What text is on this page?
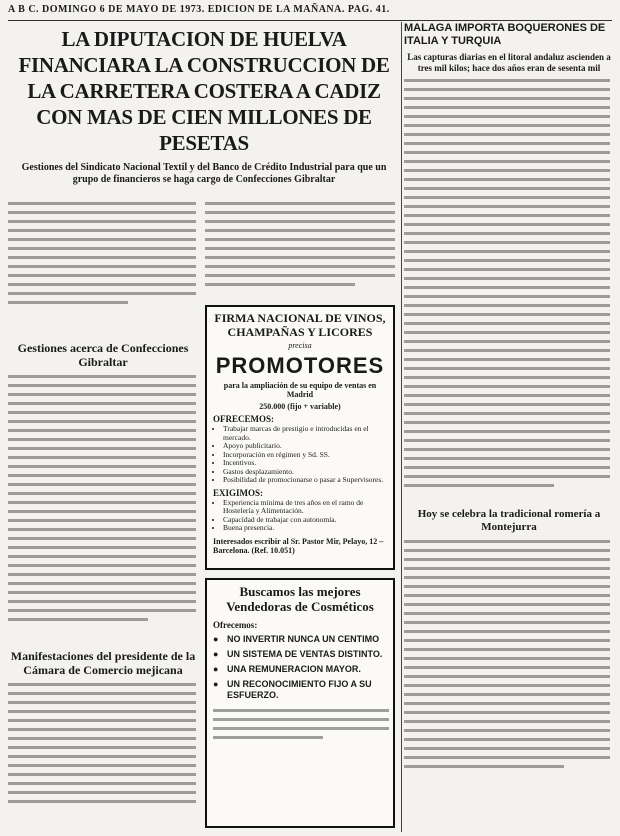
A B C. DOMINGO 6 DE MAYO DE 1973. EDICION DE LA MAÑANA. PAG. 41.
LA DIPUTACION DE HUELVA FINANCIARA LA CONSTRUCCION DE LA CARRETERA COSTERA A CADIZ CON MAS DE CIEN MILLONES DE PESETAS
Gestiones del Sindicato Nacional Textil y del Banco de Crédito Industrial para que un grupo de financieros se haga cargo de Confecciones Gibraltar
Gestiones acerca de Confecciones Gibraltar
Manifestaciones del presidente de la Cámara de Comercio mejicana
FIRMA NACIONAL DE VINOS, CHAMPAÑAS Y LICORES
precisa
PROMOTORES
para la ampliación de su equipo de ventas en Madrid
250.000 (fijo + variable)
OFRECEMOS:
• Trabajar marcas de prestigio e introducidas en el mercado.
• Apoyo publicitario.
• Incorporación en régimen y Sd. SS.
• Incentivos.
• Gastos desplazamiento.
• Posibilidad de promocionarse o pasar a Supervisores.
EXIGIMOS:
• Experiencia mínima de tres años en el ramo de Hostelería y Alimentación.
• Capacidad de trabajar con autonomía.
• Buena presencia.
Interesados escribir al Sr. Pastor Mir, Pelayo, 12 – Barcelona. (Ref. 10.051)
Buscamos las mejores Vendedoras de Cosméticos
Ofrecemos:
● NO INVERTIR NUNCA UN CENTIMO
● UN SISTEMA DE VENTAS DISTINTO.
● UNA REMUNERACION MAYOR.
● UN RECONOCIMIENTO FIJO A SU ESFUERZO.
MALAGA IMPORTA BOQUERONES DE ITALIA Y TURQUIA
Las capturas diarias en el litoral andaluz ascienden a tres mil kilos; hace dos años eran de sesenta mil
Hoy se celebra la tradicional romería a Montejurra
